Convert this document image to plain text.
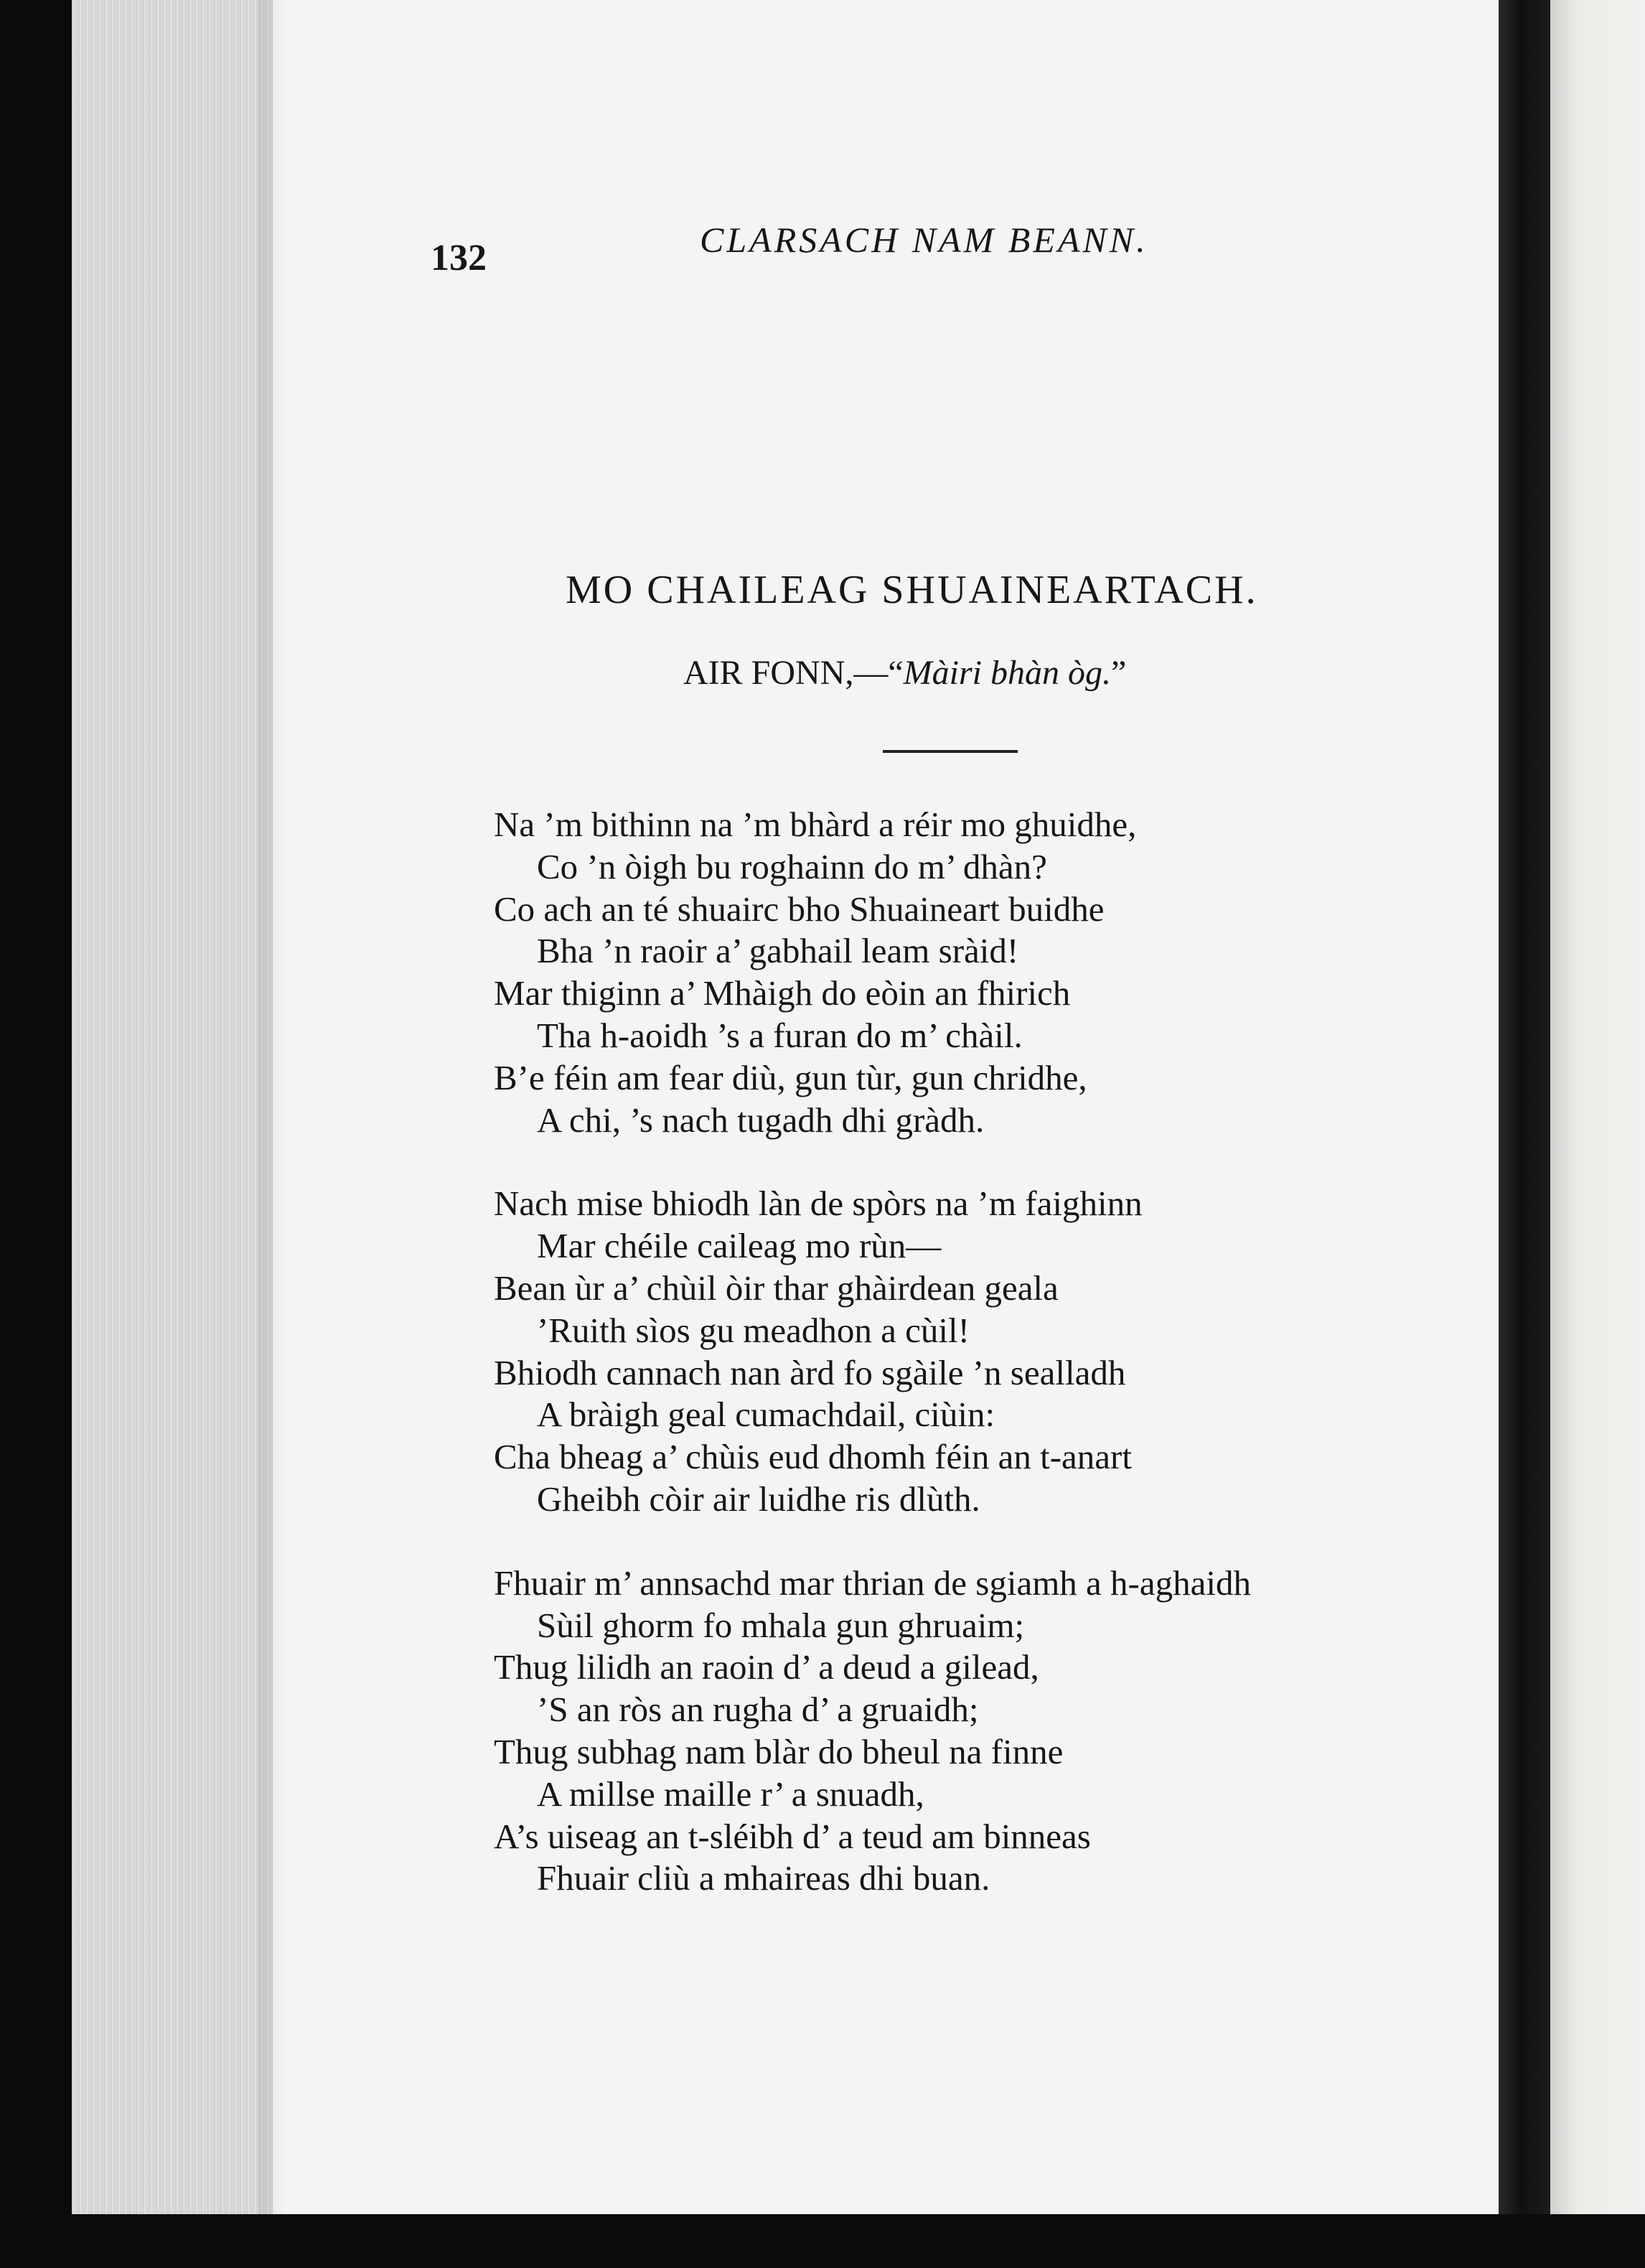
132	CLARSACH NAM BEANN.
MO CHAILEAG SHUAINEARTACH.
AIR FONN,—“Màiri bhàn òg.”
Na ’m bithinn na ’m bhàrd a réir mo ghuidhe,
Co ’n òigh bu roghainn do m’ dhàn?
Co ach an té shuairc bho Shuaineart buidhe
Bha ’n raoir a’ gabhail leam sràid!
Mar thiginn a’ Mhàigh do eòin an fhirich
Tha h-aoidh ’s a furan do m’ chàil.
B’e féin am fear diù, gun tùr, gun chridhe,
A chi, ’s nach tugadh dhi gràdh.
Nach mise bhiodh làn de spòrs na ’m faighinn
Mar chéile caileag mo rùn—
Bean ùr a’ chùil òir thar ghàirdean geala
’Ruith sìos gu meadhon a cùil!
Bhiodh cannach nan àrd fo sgàile ’n sealladh
A bràigh geal cumachdail, ciùin:
Cha bheag a’ chùis eud dhomh féin an t-anart
Gheibh còir air luidhe ris dlùth.
Fhuair m’ annsachd mar thrian de sgiamh a h-aghaidh
Sùil ghorm fo mhala gun ghruaim;
Thug lilidh an raoin d’ a deud a gilead,
’S an ròs an rugha d’ a gruaidh;
Thug subhag nam blàr do bheul na finne
A millse maille r’ a snuadh,
A’s uiseag an t-sléibh d’ a teud am binneas
Fhuair cliù a mhaireas dhi buan.
